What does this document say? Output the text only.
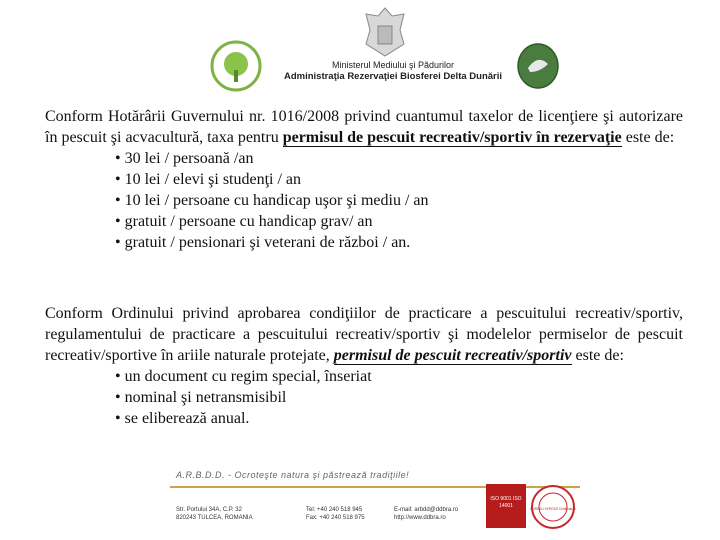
Ministerul Mediului şi Pădurilor
Administraţia Rezervaţiei Biosferei Delta Dunării
Conform Hotărârii Guvernului nr. 1016/2008 privind cuantumul taxelor de licenţiere şi autorizare în pescuit şi acvacultură, taxa pentru permisul de pescuit recreativ/sportiv în rezervaţie este de:
• 30 lei / persoană /an
• 10 lei / elevi şi studenţi / an
• 10 lei / persoane cu handicap uşor şi mediu / an
• gratuit / persoane cu handicap grav/ an
• gratuit / pensionari şi veterani de război / an.
Conform Ordinului privind aprobarea condiţiilor de practicare a pescuitului recreativ/sportiv, regulamentului de practicare a pescuitului recreativ/sportiv şi modelelor permiselor de pescuit recreativ/sportive în ariile naturale protejate, permisul de pescuit recreativ/sportiv este de:
• un document cu regim special, înseriat
• nominal şi netransmisibil
• se eliberează anual.
A.R.B.D.D. - Ocroteşte natura şi păstrează tradiţiile!
Str. Portului 34A, C.P. 32
820243 TULCEA, ROMANIA
Tel: +40 240 518 945
Fax: +40 240 518 975
E-mail: arbdd@ddbra.ro
http://www.ddbra.ro
ISO 9001 ISO 14001	BUREAU VERITAS Certification
